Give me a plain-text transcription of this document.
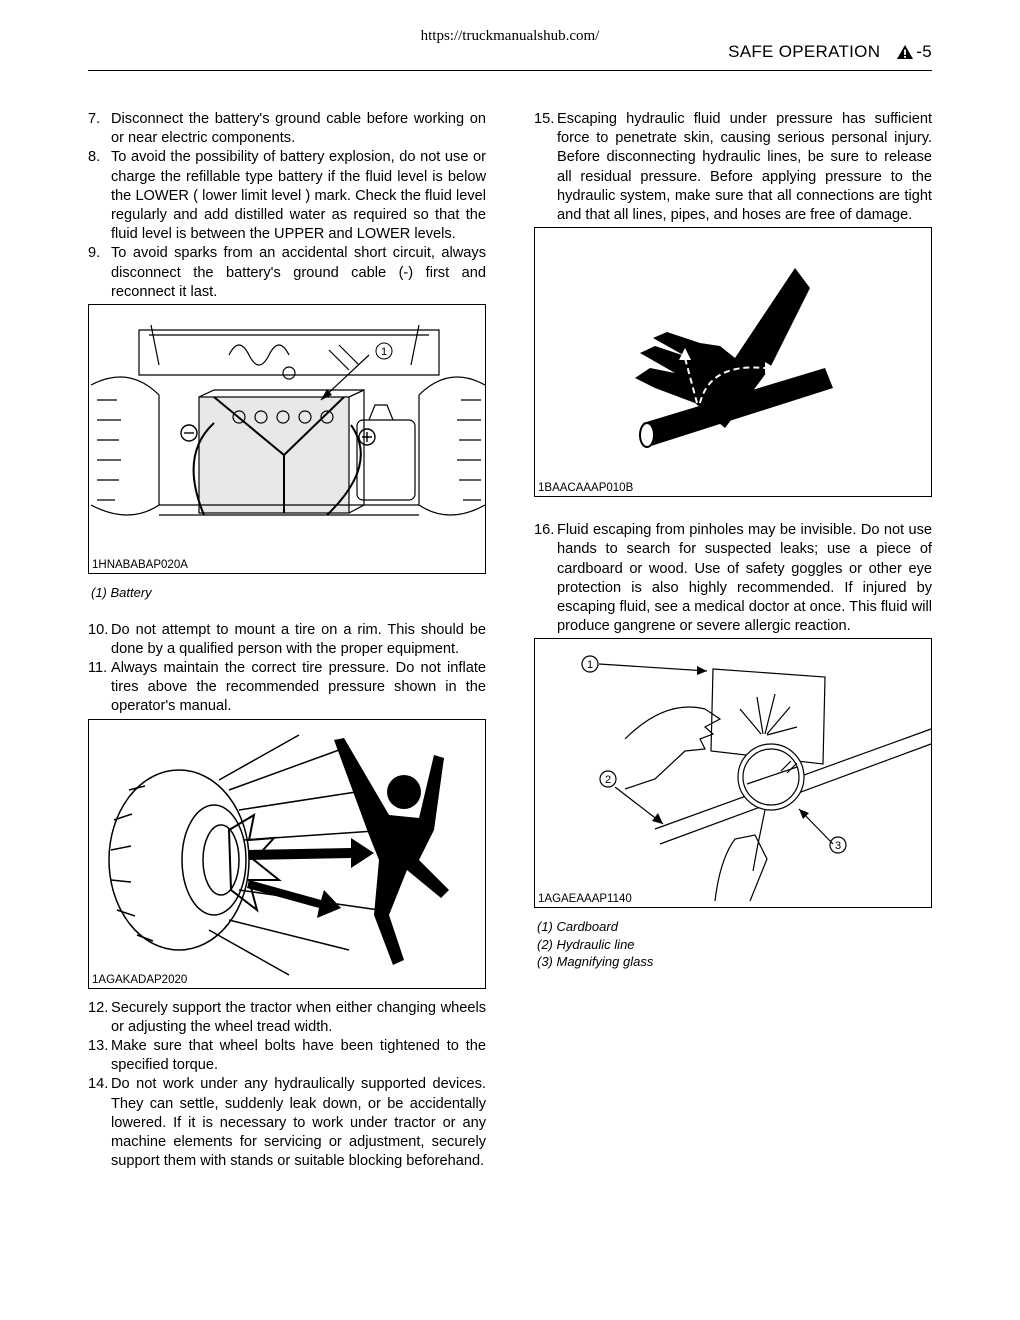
https://truckmanualshub.com/
SAFE OPERATION -5
7. Disconnect the battery's ground cable before working on or near electric components.
8. To avoid the possibility of battery explosion, do not use or charge the refillable type battery if the fluid level is below the LOWER ( lower limit level ) mark. Check the fluid level regularly and add distilled water as required so that the fluid level is between the UPPER and LOWER levels.
9. To avoid sparks from an accidental short circuit, always disconnect the battery's ground cable (-) first and reconnect it last.
1
1HNABABAP020A
(1) Battery
10. Do not attempt to mount a tire on a rim. This should be done by a qualified person with the proper equipment.
11. Always maintain the correct tire pressure. Do not inflate tires above the recommended pressure shown in the operator's manual.
1AGAKADAP2020
12. Securely support the tractor when either changing wheels or adjusting the wheel tread width.
13. Make sure that wheel bolts have been tightened to the specified torque.
14. Do not work under any hydraulically supported devices. They can settle, suddenly leak down, or be accidentally lowered. If it is necessary to work under tractor or any machine elements for servicing or adjustment, securely support them with stands or suitable blocking beforehand.
15. Escaping hydraulic fluid under pressure has sufficient force to penetrate skin, causing serious personal injury. Before disconnecting hydraulic lines, be sure to release all residual pressure. Before applying pressure to the hydraulic system, make sure that all connections are tight and that all lines, pipes, and hoses are free of damage.
1BAACAAAP010B
16. Fluid escaping from pinholes may be invisible. Do not use hands to search for suspected leaks; use a piece of cardboard or wood. Use of safety goggles or other eye protection is also highly recommended. If injured by escaping fluid, see a medical doctor at once. This fluid will produce gangrene or severe allergic reaction.
1
2
3
1AGAEAAAP1140
(1) Cardboard
(2) Hydraulic line
(3) Magnifying glass
